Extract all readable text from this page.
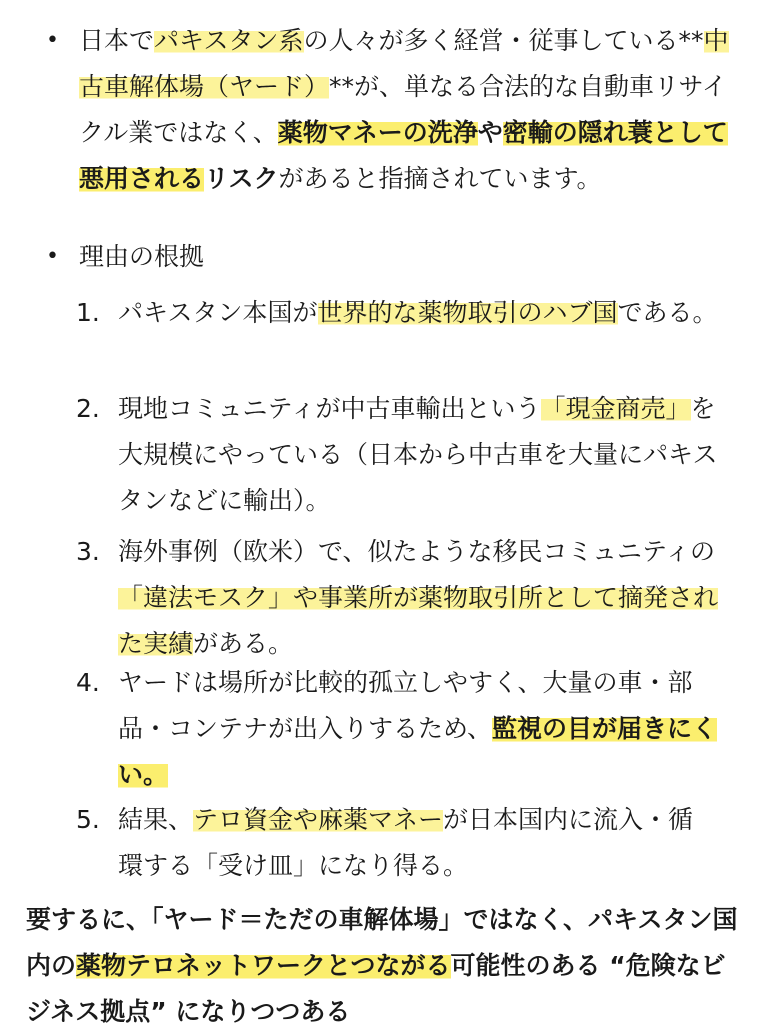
• 日本でパキスタン系の人々が多く経営・従事している**中古車解体場（ヤード）**が、単なる合法的な自動車リサイクル業ではなく、薬物マネーの洗浄や密輸の隠れ蓑として悪用されるリスクがあると指摘されています。
• 理由の根拠
1. パキスタン本国が世界的な薬物取引のハブ国である。
2. 現地コミュニティが中古車輸出という「現金商売」を大規模にやっている（日本から中古車を大量にパキスタンなどに輸出）。
3. 海外事例（欧米）で、似たような移民コミュニティの「違法モスク」や事業所が薬物取引所として摘発された実績がある。
4. ヤードは場所が比較的孤立しやすく、大量の車・部品・コンテナが出入りするため、監視の目が届きにくい。
5. 結果、テロ資金や麻薬マネーが日本国内に流入・循環する「受け皿」になり得る。
要するに、「ヤード＝ただの車解体場」ではなく、パキスタン国内の薬物テロネットワークとつながる可能性のある “危険なビジネス拠点” になりつつある
